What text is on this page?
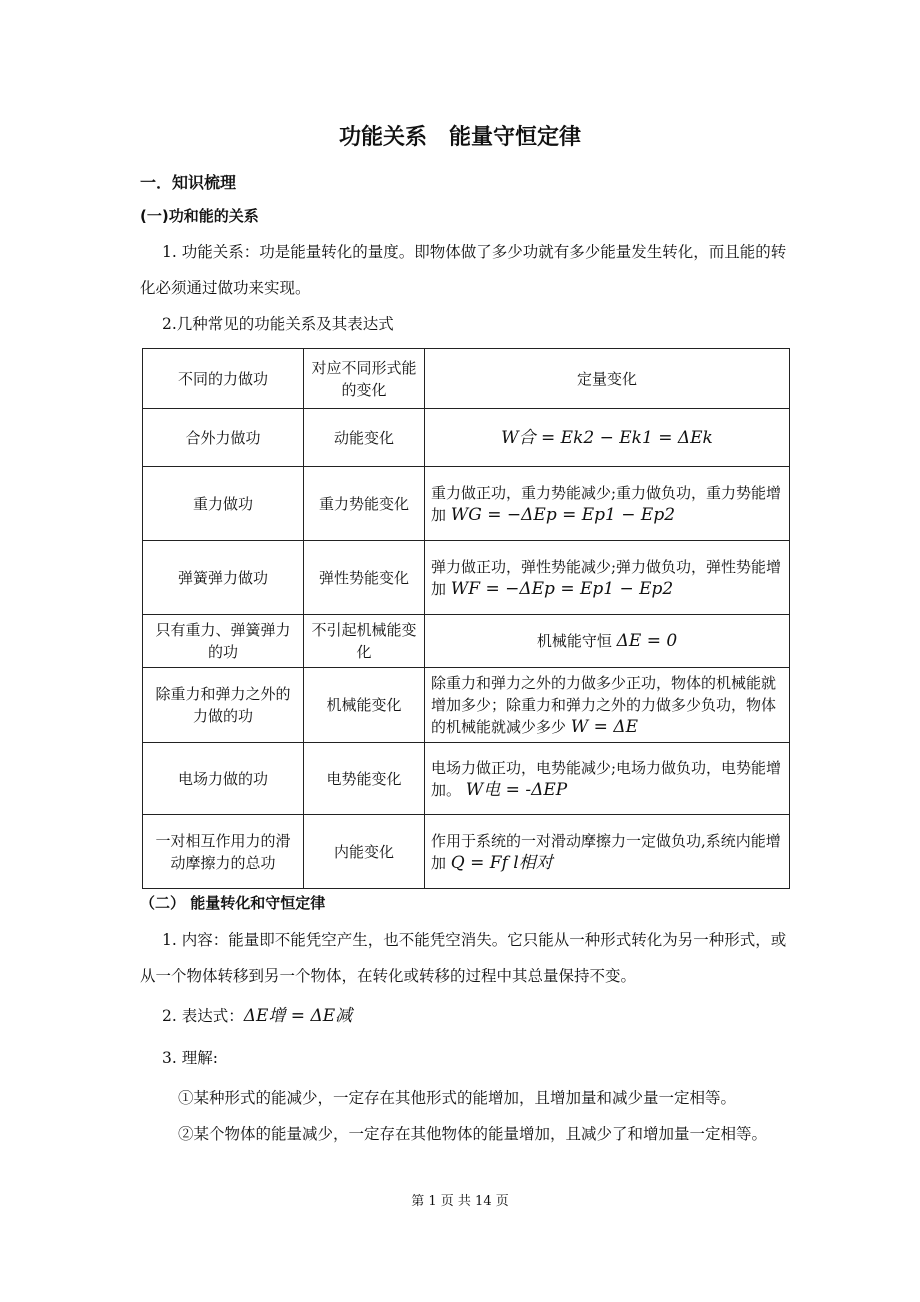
功能关系　能量守恒定律
一．知识梳理
(一)功和能的关系
1. 功能关系：功是能量转化的量度。即物体做了多少功就有多少能量发生转化，而且能的转化必须通过做功来实现。
2.几种常见的功能关系及其表达式
不同的力做功	对应不同形式能的变化	定量变化
合外力做功	动能变化	W合 = Ek2 − Ek1 = ΔEk
重力做功	重力势能变化	重力做正功，重力势能减少;重力做负功，重力势能增加 WG = −ΔEp = Ep1 − Ep2
弹簧弹力做功	弹性势能变化	弹力做正功，弹性势能减少;弹力做负功，弹性势能增加 WF = −ΔEp = Ep1 − Ep2
只有重力、弹簧弹力的功	不引起机械能变化	机械能守恒 ΔE = 0
除重力和弹力之外的力做的功	机械能变化	除重力和弹力之外的力做多少正功，物体的机械能就增加多少；除重力和弹力之外的力做多少负功，物体的机械能就减少多少 W = ΔE
电场力做的功	电势能变化	电场力做正功，电势能减少;电场力做负功，电势能增加。 W电 = -ΔEP
一对相互作用力的滑动摩擦力的总功	内能变化	作用于系统的一对滑动摩擦力一定做负功,系统内能增加 Q = Ff l相对
（二） 能量转化和守恒定律
1. 内容：能量即不能凭空产生，也不能凭空消失。它只能从一种形式转化为另一种形式，或从一个物体转移到另一个物体，在转化或转移的过程中其总量保持不变。
2. 表达式：ΔE增 = ΔE减
3. 理解:
①某种形式的能减少，一定存在其他形式的能增加，且增加量和减少量一定相等。
②某个物体的能量减少，一定存在其他物体的能量增加，且减少了和增加量一定相等。
第 1 页 共 14 页
